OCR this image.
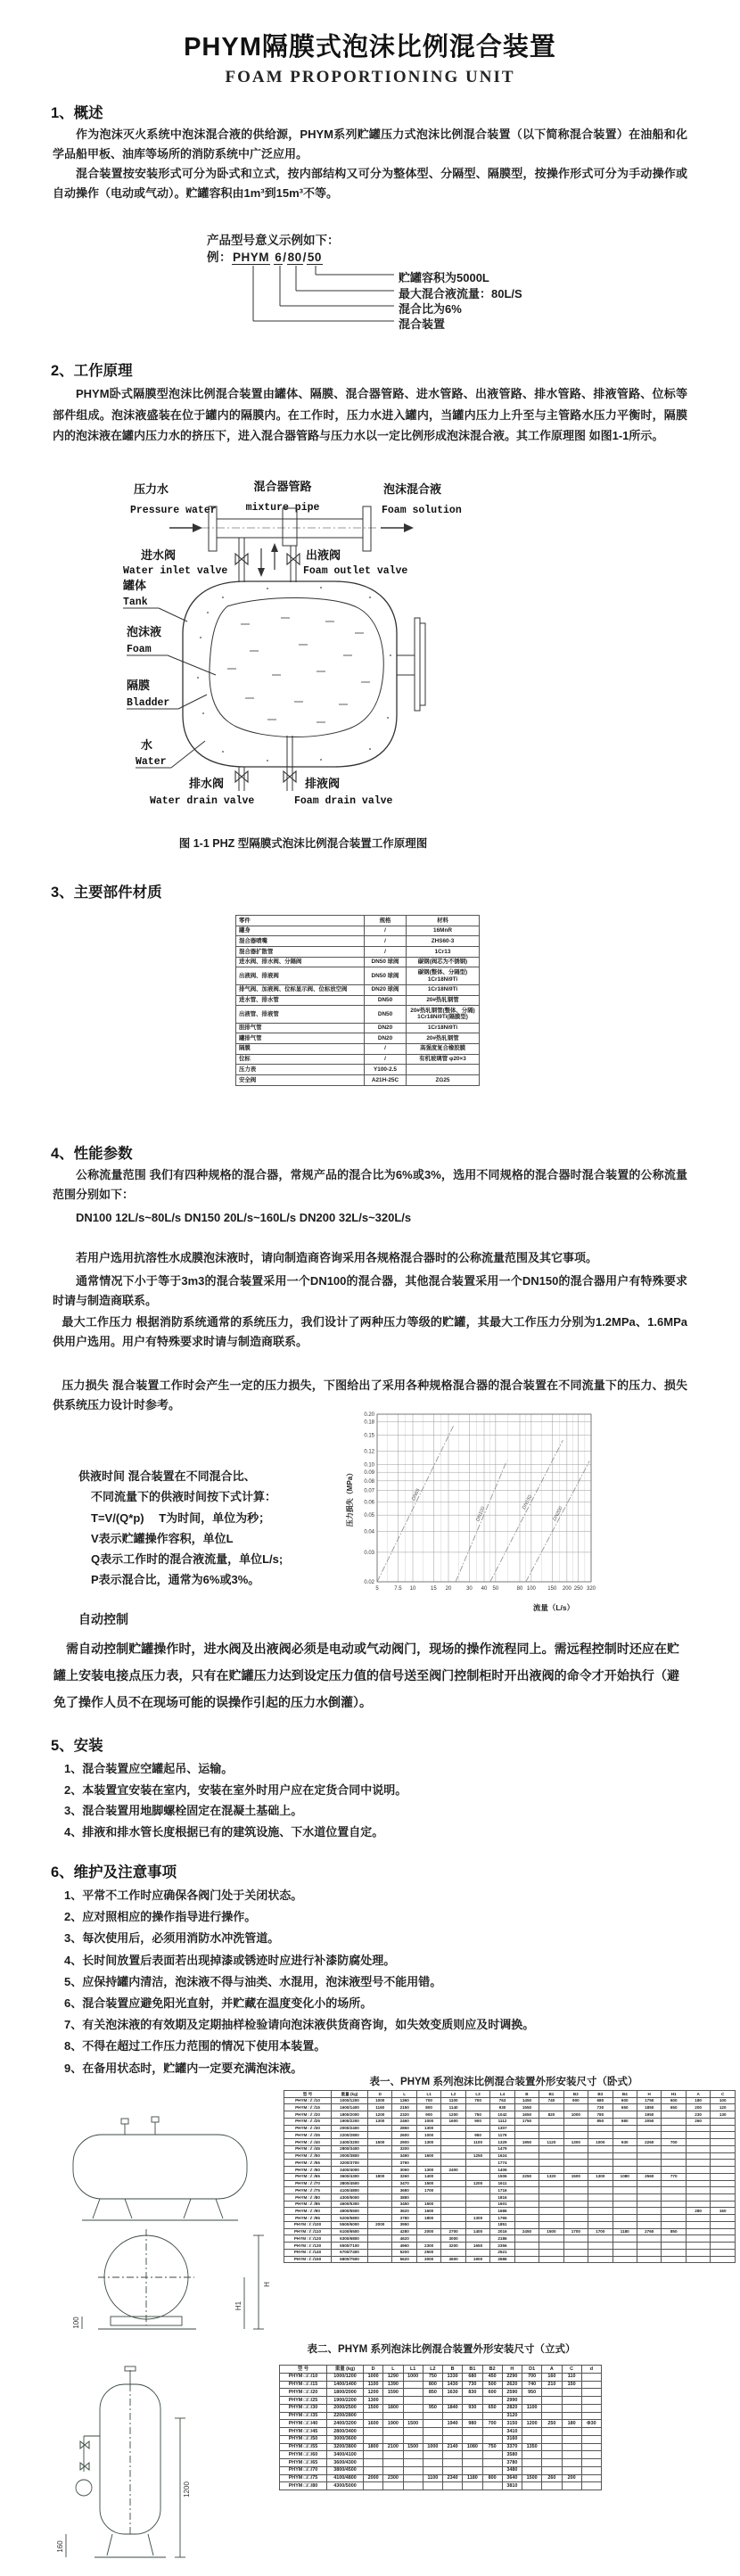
PHYM隔膜式泡沫比例混合装置
FOAM PROPORTIONING UNIT
1、概述
作为泡沫灭火系统中泡沫混合液的供给源，PHYM系列贮罐压力式泡沫比例混合装置（以下简称混合装置）在油船和化学品船甲板、油库等场所的消防系统中广泛应用。
混合装置按安装形式可分为卧式和立式，按内部结构又可分为整体型、分隔型、隔膜型，按操作形式可分为手动操作或自动操作（电动或气动）。贮罐容积由1m³到15m³不等。
产品型号意义示例如下：
例：PHYM 6/80/50
贮罐容积为5000L
最大混合液流量：80L/S
混合比为6%
混合装置
2、工作原理
PHYM卧式隔膜型泡沫比例混合装置由罐体、隔膜、混合器管路、进水管路、出液管路、排水管路、排液管路、位标等部件组成。泡沫液盛装在位于罐内的隔膜内。在工作时，压力水进入罐内，当罐内压力上升至与主管路水压力平衡时，隔膜内的泡沫液在罐内压力水的挤压下，进入混合器管路与压力水以一定比例形成泡沫混合液。其工作原理图 如图1-1所示。
压力水
Pressure water
混合器管路
mixture pipe
泡沫混合液
Foam solution
进水阀
Water inlet valve
出液阀
Foam outlet valve
罐体
Tank
泡沫液
Foam
隔膜
Bladder
水
Water
排水阀
Water drain valve
排液阀
Foam drain valve
图 1-1 PHZ 型隔膜式泡沫比例混合装置工作原理图
3、主要部件材质
零件	规格	材料
罐身	/	16MnR
混合器喷嘴	/	ZHS60-3
混合器扩散管	/	1Cr13
进水阀、排水阀、分隔阀	DN50 球阀	碳钢(阀芯为不锈钢)
出液阀、排液阀	DN50 球阀	碳钢(整体、分隔型) 1Cr18Ni9Ti
排气阀、加液阀、位标显示阀、位标放空阀	DN20 球阀	1Cr18Ni9Ti
进水管、排水管	DN50	20#热轧钢管
出液管、排液管	DN50	20#热轧钢管(整体、分隔) 1Cr18Ni9Ti(隔膜型)
胆排气管	DN20	1Cr18Ni9Ti
罐排气管	DN20	20#热轧钢管
隔膜	/	高强度复合橡胶膜
位标	/	有机玻璃管 φ20×3
压力表	Y100-2.5	
安全阀	A21H-25C	ZG25
4、性能参数
公称流量范围 我们有四种规格的混合器，常规产品的混合比为6%或3%，选用不同规格的混合器时混合装置的公称流量范围分别如下：
DN100 12L/s~80L/s DN150 20L/s~160L/s DN200 32L/s~320L/s
若用户选用抗溶性水成膜泡沫液时，请向制造商咨询采用各规格混合器时的公称流量范围及其它事项。
通常情况下小于等于3m3的混合装置采用一个DN100的混合器，其他混合装置采用一个DN150的混合器用户有特殊要求时请与制造商联系。
最大工作压力 根据消防系统通常的系统压力，我们设计了两种压力等级的贮罐，其最大工作压力分别为1.2MPa、1.6MPa供用户选用。用户有特殊要求时请与制造商联系。
压力损失 混合装置工作时会产生一定的压力损失，下图给出了采用各种规格混合器的混合装置在不同流量下的压力、损失供系统压力设计时参考。
供液时间 混合装置在不同混合比、
不同流量下的供液时间按下式计算：
T=V/(Q*p)　 T为时间，单位为秒；
V表示贮罐操作容积，单位L
Q表示工作时的混合液流量，单位L/s;
P表示混合比，通常为6%或3%。
5	7.5 10	15 20	30 40 50	80 100 150 200 250 320
0.02
0.03
0.04
0.05
0.06
0.07
0.08
0.09
0.10
0.12
0.15
0.18
0.20
DN65
DN100
DN150
DN200
压力损失（MPa）
流量（L/s）
自动控制
需自动控制贮罐操作时，进水阀及出液阀必须是电动或气动阀门，现场的操作流程同上。需远程控制时还应在贮罐上安装电接点压力表，只有在贮罐压力达到设定压力值的信号送至阀门控制柜时开出液阀的命令才开始执行（避免了操作人员不在现场可能的误操作引起的压力水倒灌）。
5、安装
1、混合装置应空罐起吊、运输。
2、本装置宜安装在室内，安装在室外时用户应在定货合同中说明。
3、混合装置用地脚螺栓固定在混凝土基础上。
4、排液和排水管长度根据已有的建筑设施、下水道位置自定。
6、维护及注意事项
1、平常不工作时应确保各阀门处于关闭状态。
2、应对照相应的操作指导进行操作。
3、每次使用后，必须用消防水冲洗管道。
4、长时间放置后表面若出现掉漆或锈迹时应进行补漆防腐处理。
5、应保持罐内清洁，泡沫液不得与油类、水混用，泡沫液型号不能用错。
6、混合装置应避免阳光直射，并贮藏在温度变化小的场所。
7、有关泡沫液的有效期及定期抽样检验请向泡沫液供货商咨询，如失效变质则应及时调换。
8、不得在超过工作压力范围的情况下使用本装置。
9、在备用状态时，贮罐内一定要充满泡沫液。
表一、PHYM 系列泡沫比例混合装置外形安装尺寸（卧式）
H
H1
100
型 号	重量 (kg)	D	L	L1	L2	L3	L4	B	B1	B2	B3	B4	H	H1	A	C
PHYM □/□/10	1000/1200	1000	1360	700	1100	700	763	1450	740	900	680	600	1750	600	180	100
PHYM □/□/15	1600/1400	1160	2150	800	1140		930	1550			730	650	1850	650	200	120
PHYM □/□/20	1800/2000	1200	2320	900	1200	750	1042	1650	820	1000	780		1950		230	130
PHYM □/□/25	1900/2200	1300	2460	1000	1600	900	1112	1750			850	680	2050		260	
PHYM □/□/30	2000/2400		2850	1300			1307									
PHYM □/□/35	2200/2800		2600	1000		950	1179									
PHYM □/□/40	2400/3200	1500	2900	1300		1100	1329	1950	1120	1300	1000	930	2260	700		
PHYM □/□/45	2800/3400		3200				1479									
PHYM □/□/50	3000/3800		3490	1600		1250	1624									
PHYM □/□/55	3200/3700		3790				1774									
PHYM □/□/60	3400/4000		3060	1300	2400		1406									
PHYM □/□/65	3600/4300	1800	3260	1400			1506	2250	1320	1500	1300	1080	2560	770		
PHYM □/□/70	3800/4500		3470	1500		1200	1611									
PHYM □/□/75	4100/4800		3680	1700			1716									
PHYM □/□/80	4300/5000		3880				1816									
PHYM □/□/85	4600/5300		3450	1500			1601									
PHYM □/□/90	4900/5500		3620	1600			1686								280	160
PHYM □/□/95	5200/5800		3780	1800		1300	1765									
PHYM □/□/100	5500/6000	2000	3950				1851									
PHYM □/□/110	6100/6500		4280	2000	2700	1400	2016	2450	1500	1700	1700	1180	2760	850		
PHYM □/□/120	6300/6800		4620		3000		2186									
PHYM □/□/130	6500/7100		4960	2300	3200	1650	2356									
PHYM □/□/140	6700/7400		5200	2500			2521									
PHYM □/□/150	6800/7500		5620	3000	3600	1900	2686									
表二、PHYM 系列泡沫比例混合装置外形安装尺寸（立式）
1200
160
型 号	重量 (kg)	D	L	L1	L2	B	B1	B2	H	D1	A	C	d
PHYM □/□/10	1000/1200	1000	1290	1000	750	1330	680	450	2290	700	160	110	
PHYM □/□/15	1400/1400	1100	1390		800	1430	730	500	2620	740	210	150	
PHYM □/□/20	1800/2000	1200	1590		850	1630	830	600	2590	950			
PHYM □/□/25	1900/2200	1300							2990				
PHYM □/□/30	2000/2500	1500	1800		950	1840	930	650	2820	1100			
PHYM □/□/35	2200/2800								3120				
PHYM □/□/40	2400/3200	1600	1900	1500		1940	980	700	3150	1200	250	180	Φ30
PHYM □/□/45	2800/3400								3410				
PHYM □/□/50	3000/3600								3160				
PHYM □/□/55	3200/3800	1800	2100	1500	1000	2140	1080	750	3370	1350			
PHYM □/□/60	3400/4100								3580				
PHYM □/□/65	3600/4300								3780				
PHYM □/□/70	3800/4500								3480				
PHYM □/□/75	4100/4800	2000	2300		1100	2340	1180	800	3640	1500	260	200	
PHYM □/□/80	4300/5000								3810				
